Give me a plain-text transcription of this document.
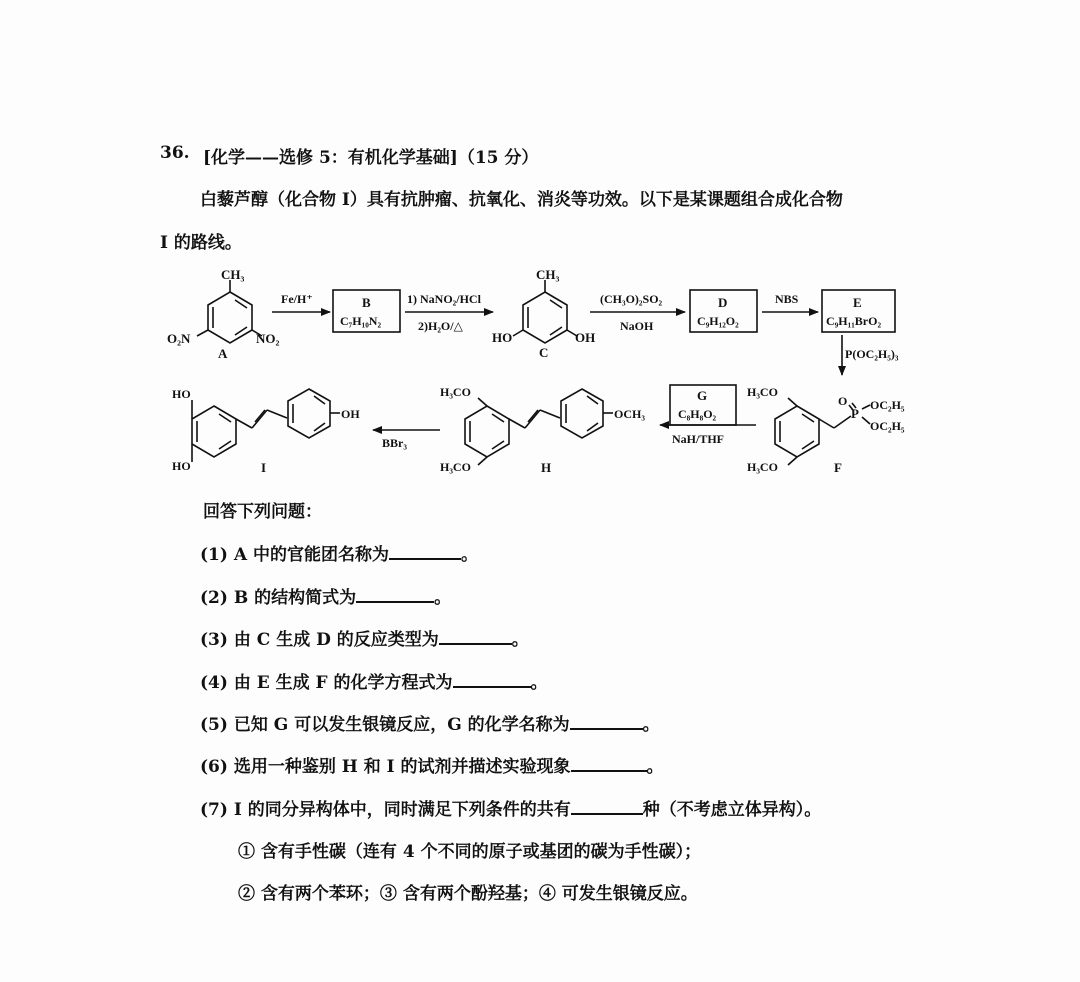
36. [化学——选修 5：有机化学基础]（15 分）
白藜芦醇（化合物 I）具有抗肿瘤、抗氧化、消炎等功效。以下是某课题组合成化合物
I 的路线。
CH₃
O₂N	NO₂
A
Fe/H⁺	B
C₇H₁₀N₂
1) NaNO₂/HCl
2)H₂O/△
CH₃
HO	OH
C
(CH₃O)₂SO₂
NaOH
D
C₉H₁₂O₂
NBS	E
C₉H₁₁BrO₂
P(OC₂H₅)₃
H₃CO
H₃CO
O
P
OC₂H₅
OC₂H₅
F
G
C₈H₈O₂
NaH/THF
H₃CO
H₃CO
OCH₃
H
BBr₃
HO
HO
OH
I
回答下列问题：
(1) A 中的官能团名称为	。
(2) B 的结构简式为	。
(3) 由 C 生成 D 的反应类型为	。
(4) 由 E 生成 F 的化学方程式为	。
(5) 已知 G 可以发生银镜反应，G 的化学名称为	。
(6) 选用一种鉴别 H 和 I 的试剂并描述实验现象	。
(7) I 的同分异构体中，同时满足下列条件的共有	种（不考虑立体异构）。
① 含有手性碳（连有 4 个不同的原子或基团的碳为手性碳）；
② 含有两个苯环；③ 含有两个酚羟基；④ 可发生银镜反应。
